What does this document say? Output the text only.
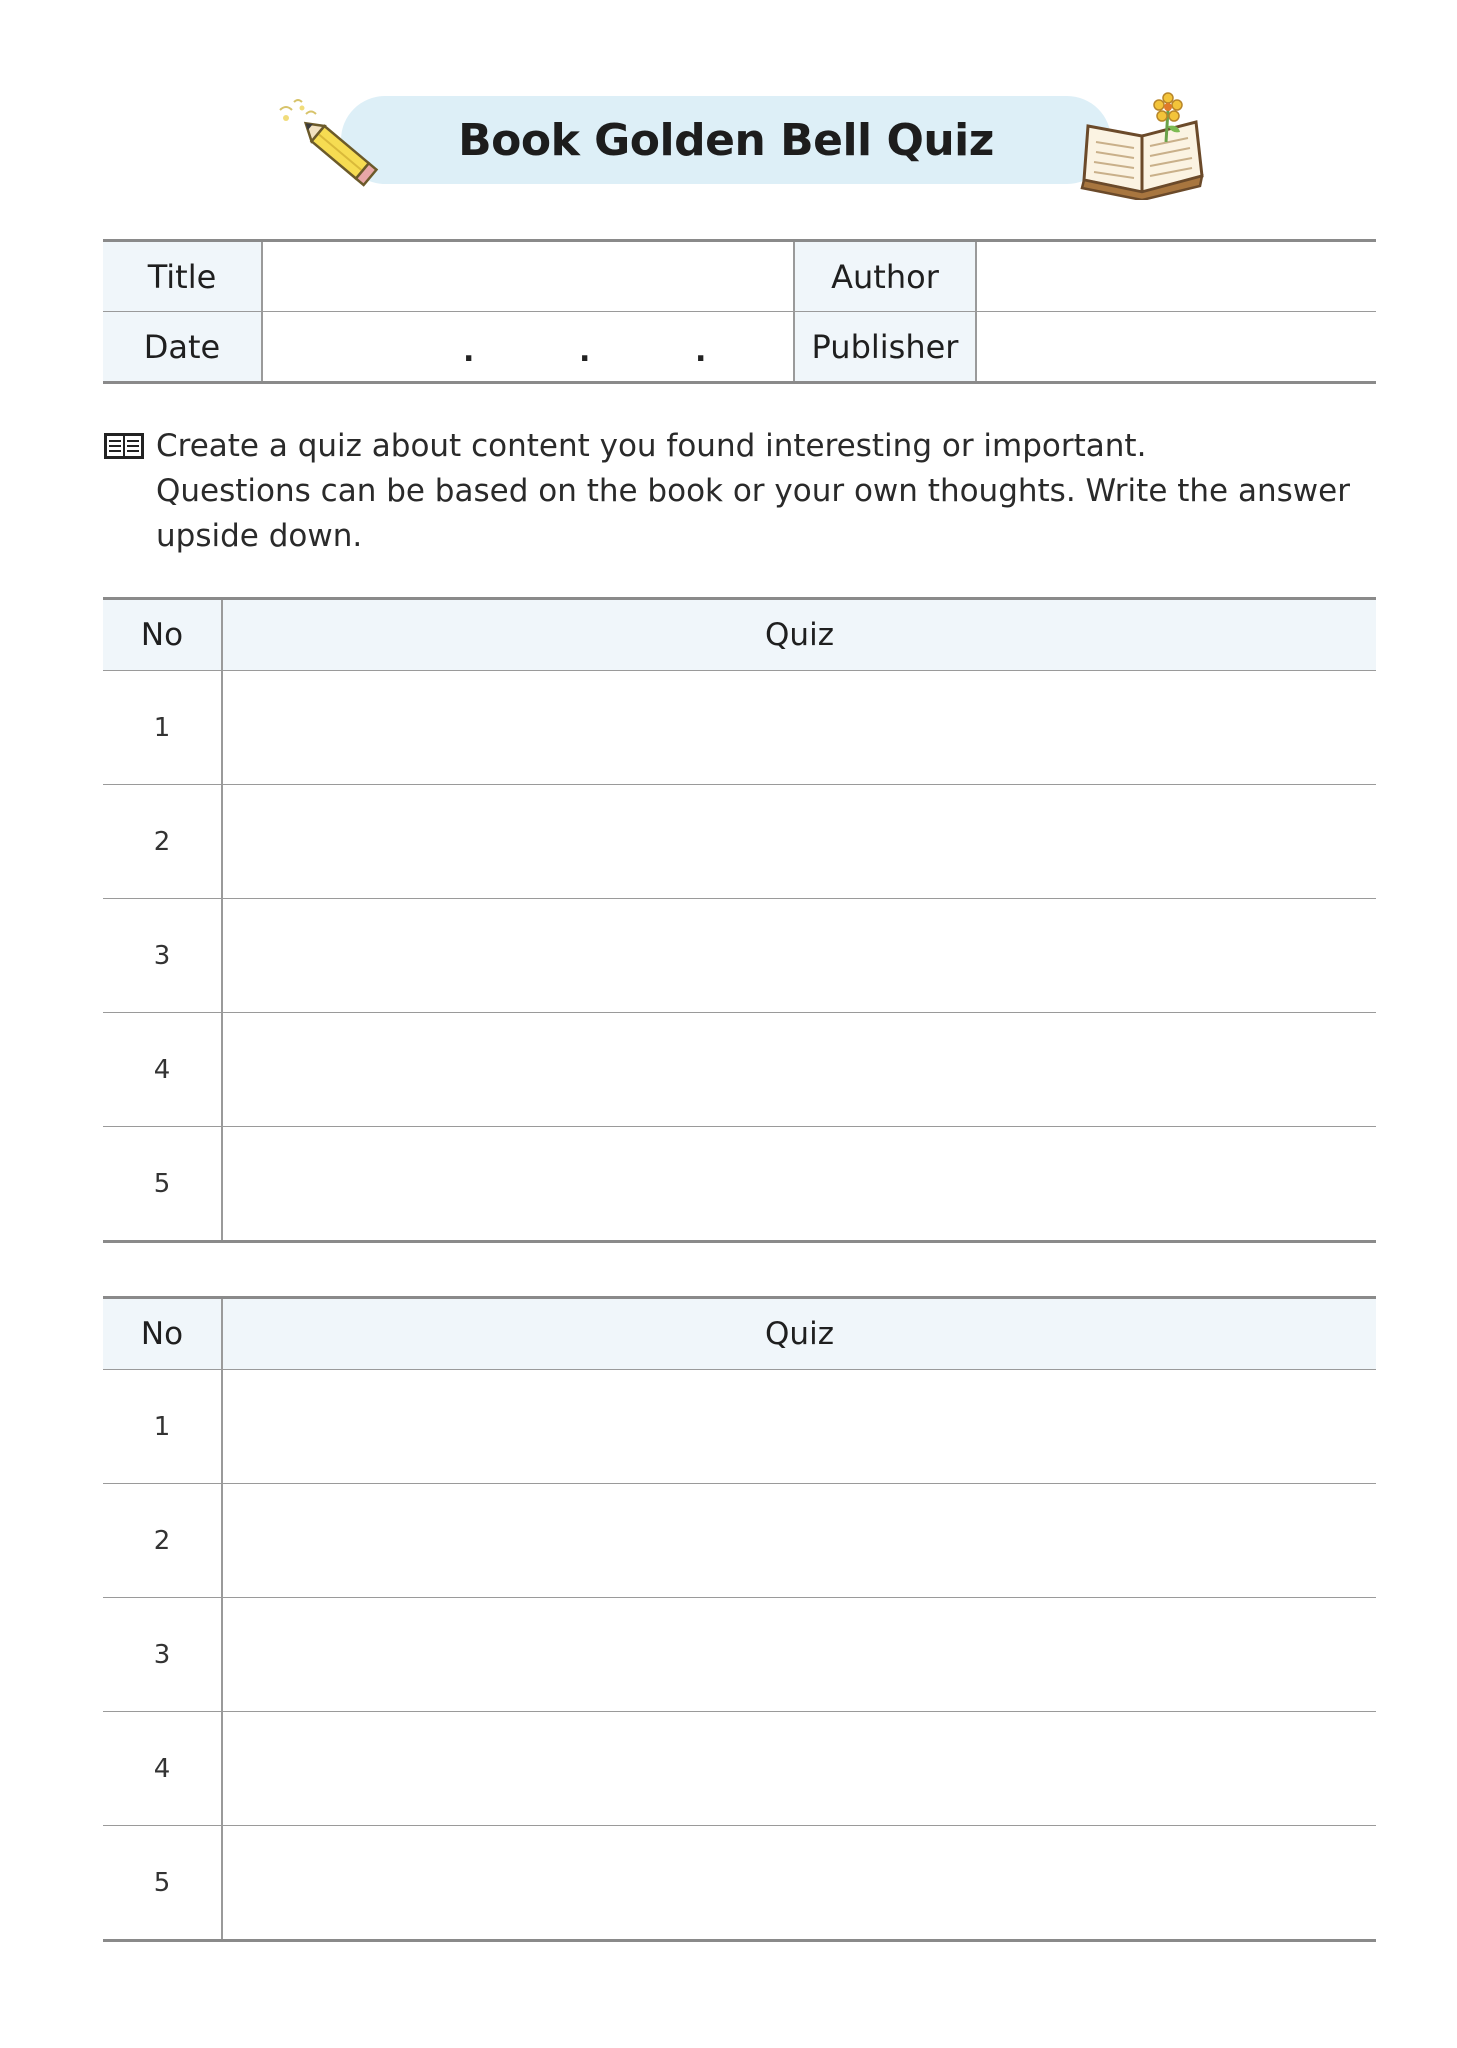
Book Golden Bell Quiz
Title		Author	
Date	. . .	Publisher	
Create a quiz about content you found interesting or important.
Questions can be based on the book or your own thoughts. Write the answer
upside down.
No	Quiz
1	
2	
3	
4	
5	
No	Quiz
1	
2	
3	
4	
5	
